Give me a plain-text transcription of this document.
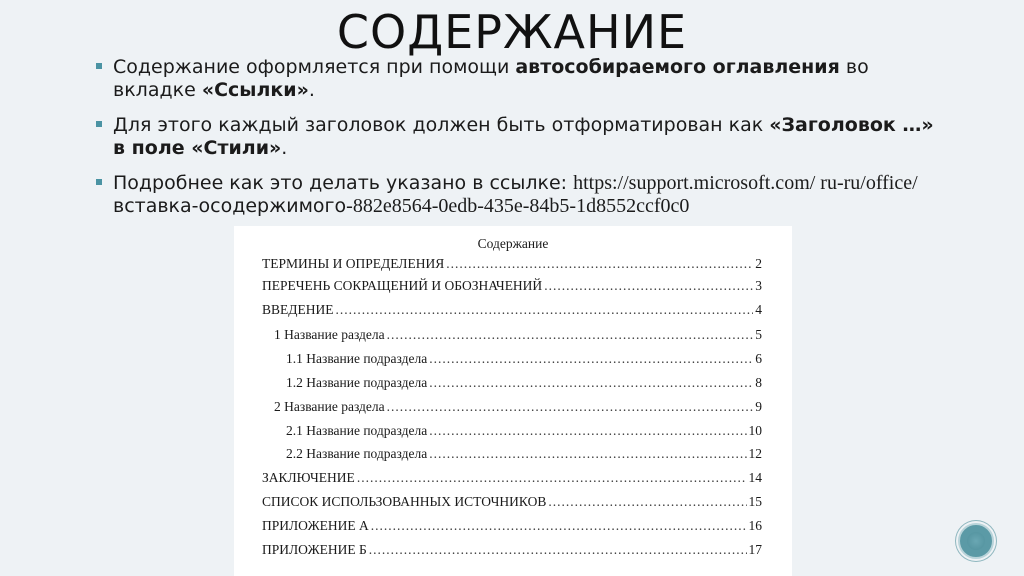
СОДЕРЖАНИЕ
Содержание оформляется при помощи автособираемого оглавления во вкладке «Ссылки».
Для этого каждый заголовок должен быть отформатирован как «Заголовок …» в поле «Стили».
Подробнее как это делать указано в ссылке: https://support.microsoft.com/ ru-ru/office/вставка-осодержимого-882e8564-0edb-435e-84b5-1d8552ccf0c0
Содержание
ТЕРМИНЫ И ОПРЕДЕЛЕНИЯ .....	2
ПЕРЕЧЕНЬ СОКРАЩЕНИЙ И ОБОЗНАЧЕНИЙ .....	3
ВВЕДЕНИЕ .....	4
1 Название раздела .....	5
1.1 Название подраздела .....	6
1.2 Название подраздела .....	8
2 Название раздела .....	9
2.1 Название подраздела .....	10
2.2 Название подраздела .....	12
ЗАКЛЮЧЕНИЕ .....	14
СПИСОК ИСПОЛЬЗОВАННЫХ ИСТОЧНИКОВ .....	15
ПРИЛОЖЕНИЕ А .....	16
ПРИЛОЖЕНИЕ Б .....	17
